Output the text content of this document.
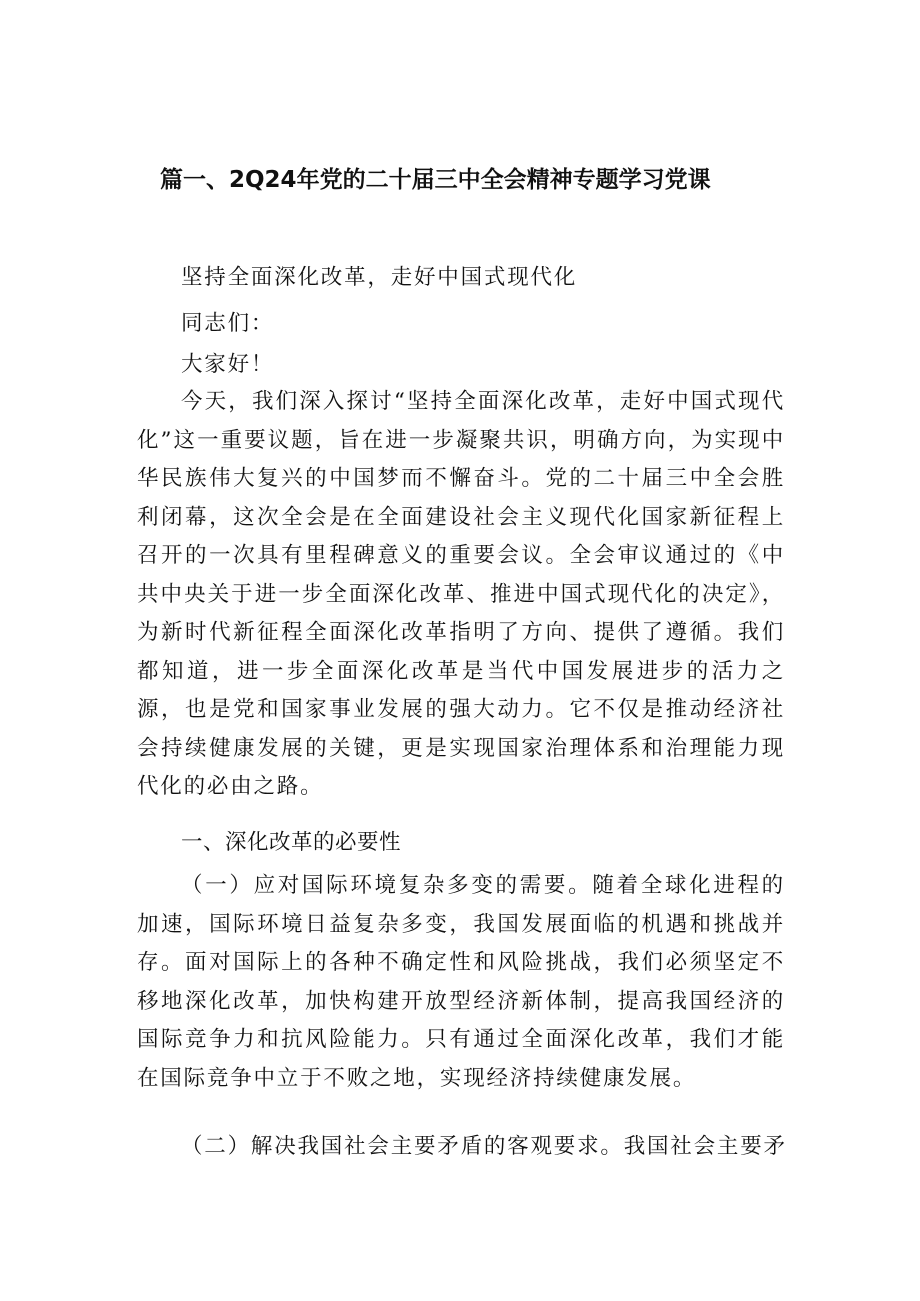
篇一、2Q24年党的二十届三中全会精神专题学习党课
坚持全面深化改革，走好中国式现代化
同志们：
大家好！

今天，我们深入探讨“坚持全面深化改革，走好中国式现代化”这一重要议题，旨在进一步凝聚共识，明确方向，为实现中华民族伟大复兴的中国梦而不懈奋斗。党的二十届三中全会胜利闭幕，这次全会是在全面建设社会主义现代化国家新征程上召开的一次具有里程碑意义的重要会议。全会审议通过的《中共中央关于进一步全面深化改革、推进中国式现代化的决定》，为新时代新征程全面深化改革指明了方向、提供了遵循。我们都知道，进一步全面深化改革是当代中国发展进步的活力之源，也是党和国家事业发展的强大动力。它不仅是推动经济社会持续健康发展的关键，更是实现国家治理体系和治理能力现代化的必由之路。

一、深化改革的必要性

（一）应对国际环境复杂多变的需要。随着全球化进程的加速，国际环境日益复杂多变，我国发展面临的机遇和挑战并存。面对国际上的各种不确定性和风险挑战，我们必须坚定不移地深化改革，加快构建开放型经济新体制，提高我国经济的国际竞争力和抗风险能力。只有通过全面深化改革，我们才能在国际竞争中立于不败之地，实现经济持续健康发展。

（二）解决我国社会主要矛盾的客观要求。我国社会主要矛
